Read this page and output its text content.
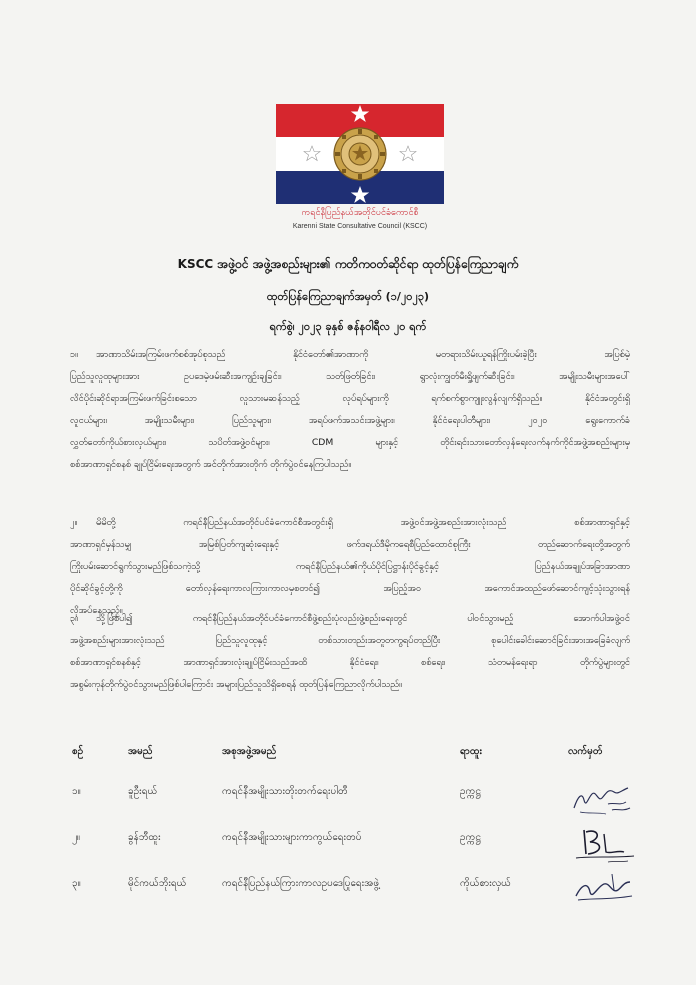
ကရင်နီပြည်နယ်အတိုင်ပင်ခံကောင်စီ
Karenni State Consultative Council (KSCC)
KSCC အဖွဲ့ဝင် အဖွဲ့အစည်းများ၏ ကတိကဝတ်ဆိုင်ရာ ထုတ်ပြန်ကြေညာချက်
ထုတ်ပြန်ကြေညာချက်အမှတ် (၁/၂၀၂၃)
ရက်စွဲ၊ ၂၀၂၃ ခုနှစ် ဇန်နဝါရီလ ၂၀ ရက်
၁။ အာဏာသိမ်းအကြမ်းဖက်စစ်အုပ်စုသည် နိုင်ငံတော်၏အာဏာကို မတရားသိမ်းယူရန်ကြိုးပမ်းခဲ့ပြီး အပြစ်မဲ့
ပြည်သူလူထုများအား ဥပဒေမဲ့ဖမ်းဆီးအကျဉ်းချခြင်း၊ သတ်ဖြတ်ခြင်း၊ ရွာလုံးကျွတ်မီးရှို့ဖျက်ဆီးခြင်း၊ အမျိုးသမီးများအပေါ်
လိင်ပိုင်းဆိုင်ရာအကြမ်းဖက်ခြင်းစသော လူသားမဆန်သည့် လုပ်ရပ်များကို ရက်စက်စွာကျူးလွန်လျက်ရှိသည်။ နိုင်ငံအတွင်းရှိ
လူငယ်များ၊ အမျိုးသမီးများ၊ ပြည်သူများ၊ အရပ်ဖက်အသင်းအဖွဲ့များ၊ နိုင်ငံရေးပါတီများ၊ ၂၀၂၀ ရွေးကောက်ခံ
လွှတ်တော်ကိုယ်စားလှယ်များ၊ သပိတ်အဖွဲ့ဝင်များ၊ CDM များနှင့် တိုင်းရင်းသားတော်လှန်ရေးလက်နက်ကိုင်အဖွဲ့အစည်းများမှ
စစ်အာဏာရှင်စနစ် ချုပ်ငြိမ်းရေးအတွက် အင်တိုက်အားတိုက် တိုက်ပွဲဝင်နေကြပါသည်။
၂။ မိမိတို့ ကရင်နီပြည်နယ်အတိုင်ပင်ခံကောင်စီအတွင်းရှိ အဖွဲ့ဝင်အဖွဲ့အစည်းအားလုံးသည် စစ်အာဏာရှင်နှင့်
အာဏာရှင်မှန်သမျှ အမြစ်ပြတ်ကျဆုံးရေးနှင့် ဖက်ဒရယ်ဒီမိုကရေစီပြည်ထောင်စုကြီး တည်ဆောက်ရေးတို့အတွက်
ကြိုးပမ်းဆောင်ရွက်သွားမည်ဖြစ်သကဲ့သို့ ကရင်နီပြည်နယ်၏ကိုယ်ပိုင်ပြဋ္ဌာန်းပိုင်ခွင့်နှင့် ပြည်နယ်အချုပ်အခြာအာဏာ
ပိုင်ဆိုင်ခွင့်တို့ကို တော်လှန်ရေးကာလကြားကာလမှစတင်၍ အပြည့်အဝ အကောင်အထည်ဖော်ဆောင်ကျင့်သုံးသွားရန်
လိုအပ်နေသည်။
၃။ သို့ဖြစ်ပါ၍ ကရင်နီပြည်နယ်အတိုင်ပင်ခံကောင်စီဖွဲ့စည်းပုံလည်းဖွဲ့စည်းရေးတွင် ပါဝင်သွားမည့် အောက်ပါအဖွဲ့ဝင်
အဖွဲ့အစည်းများအားလုံးသည် ပြည်သူလူထုနှင့် တစ်သားတည်းအတူတကွရပ်တည်ပြီး စုပေါင်းခေါင်းဆောင်ခြင်းအားအခြေခံလျက်
စစ်အာဏာရှင်စနစ်နှင့် အာဏာရှင်အားလုံးချုပ်ငြိမ်းသည်အထိ နိုင်ငံရေး၊ စစ်ရေး၊ သံတမန်ရေးရာ တိုက်ပွဲများတွင်
အစွမ်းကုန်တိုက်ပွဲဝင်သွားမည်ဖြစ်ပါကြောင်း အများပြည်သူသိရှိစေရန် ထုတ်ပြန်ကြေညာလိုက်ပါသည်။
စဉ်	အမည်	အစုအဖွဲ့အမည်	ရာထူး	လက်မှတ်
၁။	ခူဦးရယ်	ကရင်နီအမျိုးသားတိုးတက်ရေးပါတီ	ဥက္ကဋ္ဌ
၂။	ခွန်ဘီထူး	ကရင်နီအမျိုးသားများကာကွယ်ရေးတပ်	ဥက္ကဋ္ဌ
၃။	မိုင်ကယ်ဘိုးရယ်	ကရင်နီပြည်နယ်ကြားကာလဥပဒေပြုရေးအဖွဲ့	ကိုယ်စားလှယ်
